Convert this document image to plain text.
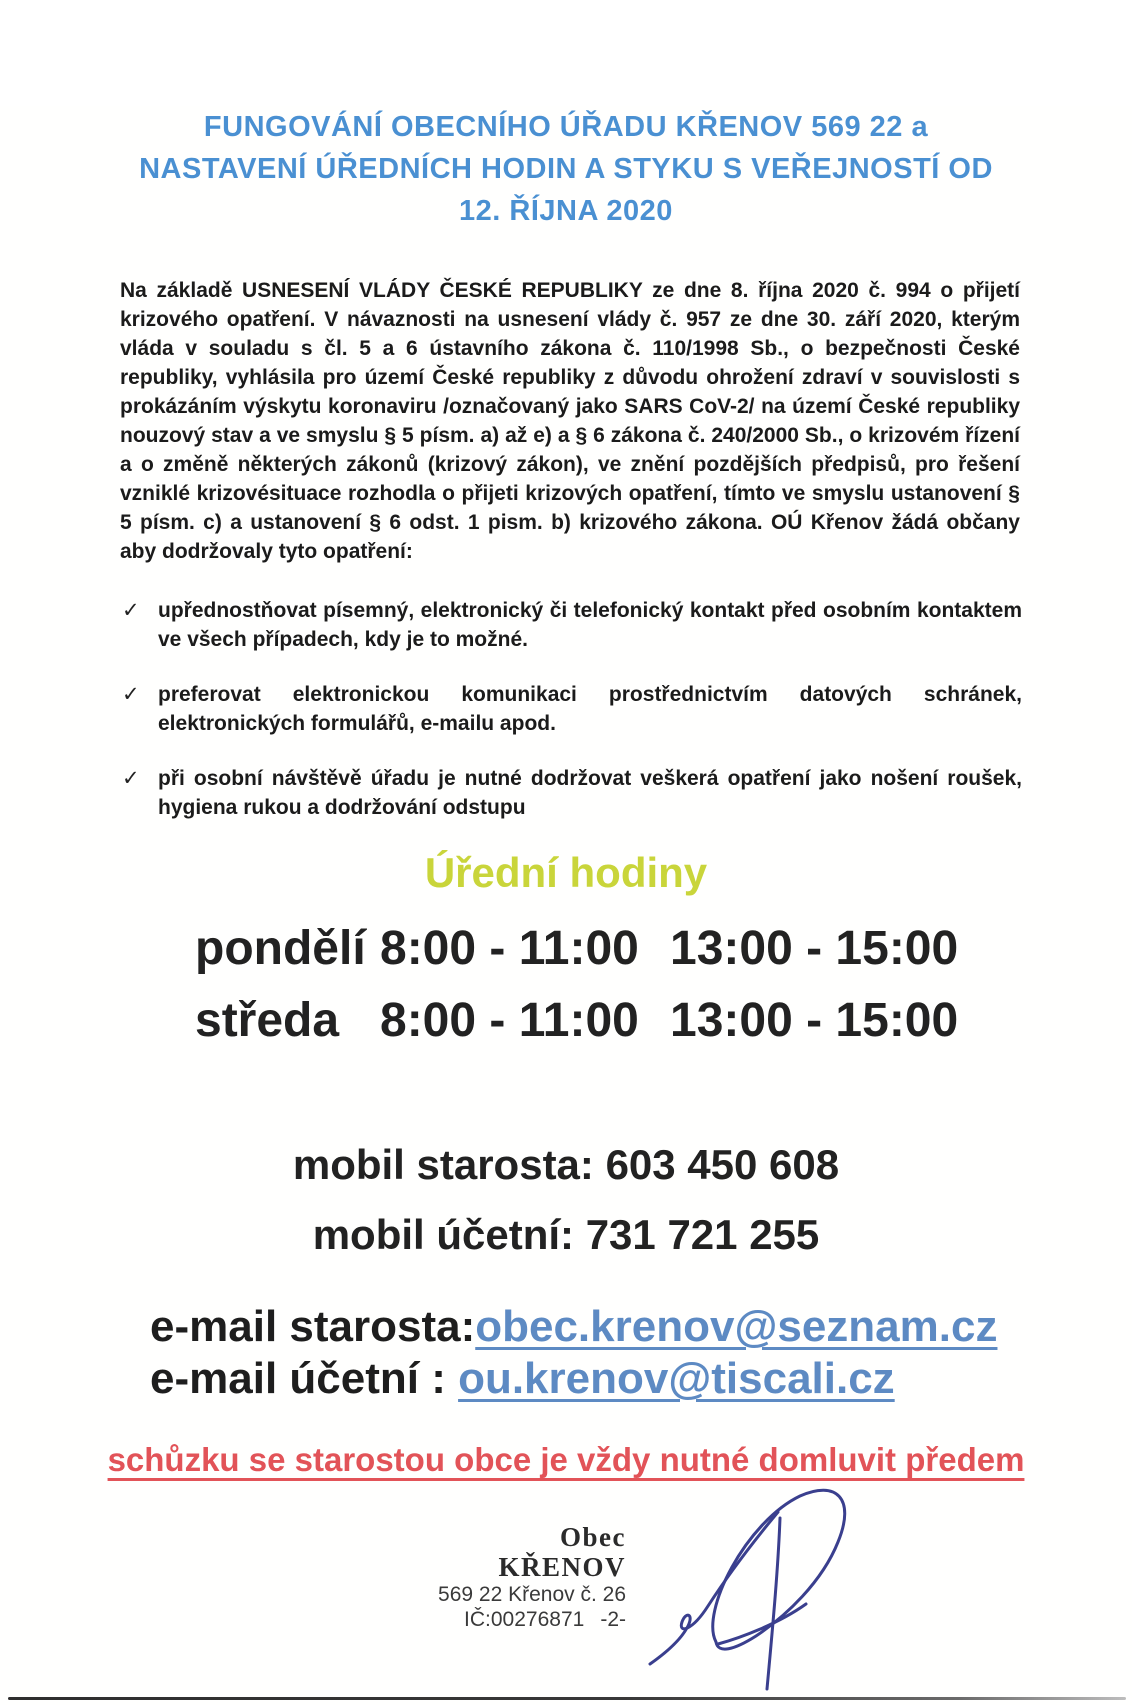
FUNGOVÁNÍ OBECNÍHO ÚŘADU KŘENOV 569 22 a
NASTAVENÍ ÚŘEDNÍCH HODIN A STYKU S VEŘEJNOSTÍ OD
12. ŘÍJNA 2020

Na základě USNESENÍ VLÁDY ČESKÉ REPUBLIKY ze dne 8. října 2020 č. 994 o přijetí krizového opatření. V návaznosti na usnesení vlády č. 957 ze dne 30. září 2020, kterým vláda v souladu s čl. 5 a 6 ústavního zákona č. 110/1998 Sb., o bezpečnosti České republiky, vyhlásila pro území České republiky z důvodu ohrožení zdraví v souvislosti s prokázáním výskytu koronaviru /označovaný jako SARS CoV-2/ na území České republiky nouzový stav a ve smyslu § 5 písm. a) až e) a § 6 zákona č. 240/2000 Sb., o krizovém řízení a o změně některých zákonů (krizový zákon), ve znění pozdějších předpisů, pro řešení vzniklé krizovésituace rozhodla o přijeti krizových opatření, tímto ve smyslu ustanovení § 5 písm. c) a ustanovení § 6 odst. 1 pism. b) krizového zákona. OÚ Křenov žádá občany aby dodržovaly tyto opatření:

✓ upřednostňovat písemný, elektronický či telefonický kontakt před osobním kontaktem ve všech případech, kdy je to možné.
✓ preferovat elektronickou komunikaci prostřednictvím datových schránek, elektronických formulářů, e-mailu apod.
✓ při osobní návštěvě úřadu je nutné dodržovat veškerá opatření jako nošení roušek, hygiena rukou a dodržování odstupu
Úřední hodiny
pondělí 8:00 - 11:00 13:00 - 15:00
středa 8:00 - 11:00 13:00 - 15:00
mobil starosta: 603 450 608
mobil účetní: 731 721 255
e-mail starosta:obec.krenov@seznam.cz
e-mail účetní : ou.krenov@tiscali.cz
schůzku se starostou obce je vždy nutné domluvit předem
Obec KŘENOV
569 22 Křenov č. 26
IČ:00276871 -2-
